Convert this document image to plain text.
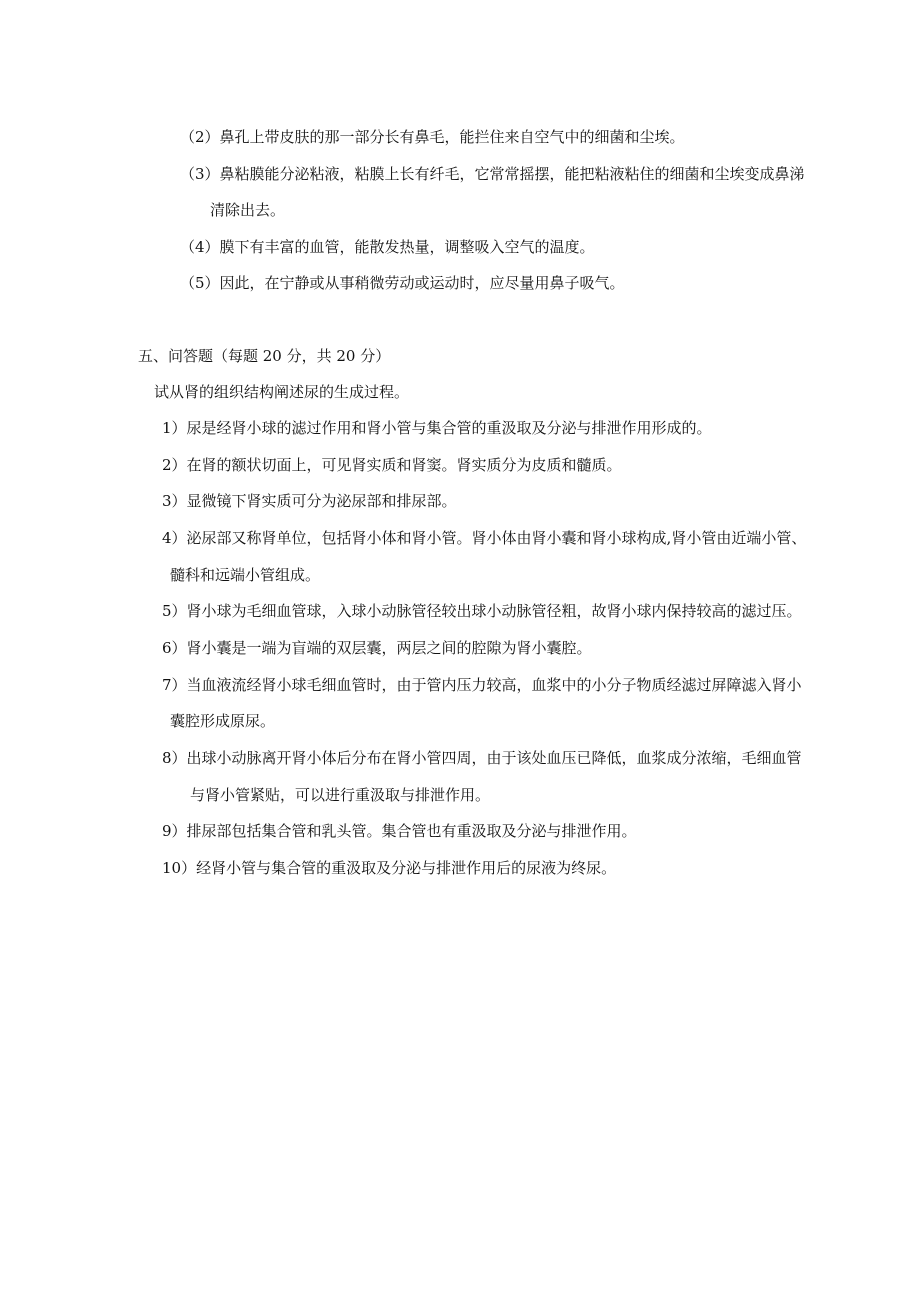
（2）鼻孔上带皮肤的那一部分长有鼻毛，能拦住来自空气中的细菌和尘埃。

（3）鼻粘膜能分泌粘液，粘膜上长有纤毛，它常常摇摆，能把粘液粘住的细菌和尘埃变成鼻涕

清除出去。

（4）膜下有丰富的血管，能散发热量，调整吸入空气的温度。

（5）因此，在宁静或从事稍微劳动或运动时，应尽量用鼻子吸气。

五、问答题（每题 20 分，共 20 分）

试从肾的组织结构阐述尿的生成过程。

1）尿是经肾小球的滤过作用和肾小管与集合管的重汲取及分泌与排泄作用形成的。

2）在肾的额状切面上，可见肾实质和肾窦。肾实质分为皮质和髓质。

3）显微镜下肾实质可分为泌尿部和排尿部。

4）泌尿部又称肾单位，包括肾小体和肾小管。肾小体由肾小囊和肾小球构成,肾小管由近端小管、

髓科和远端小管组成。

5）肾小球为毛细血管球，入球小动脉管径较出球小动脉管径粗，故肾小球内保持较高的滤过压。

6）肾小囊是一端为盲端的双层囊，两层之间的腔隙为肾小囊腔。

7）当血液流经肾小球毛细血管时，由于管内压力较高，血浆中的小分子物质经滤过屏障滤入肾小

囊腔形成原尿。

8）出球小动脉离开肾小体后分布在肾小管四周，由于该处血压已降低，血浆成分浓缩，毛细血管

与肾小管紧贴，可以进行重汲取与排泄作用。

9）排尿部包括集合管和乳头管。集合管也有重汲取及分泌与排泄作用。

10）经肾小管与集合管的重汲取及分泌与排泄作用后的尿液为终尿。
